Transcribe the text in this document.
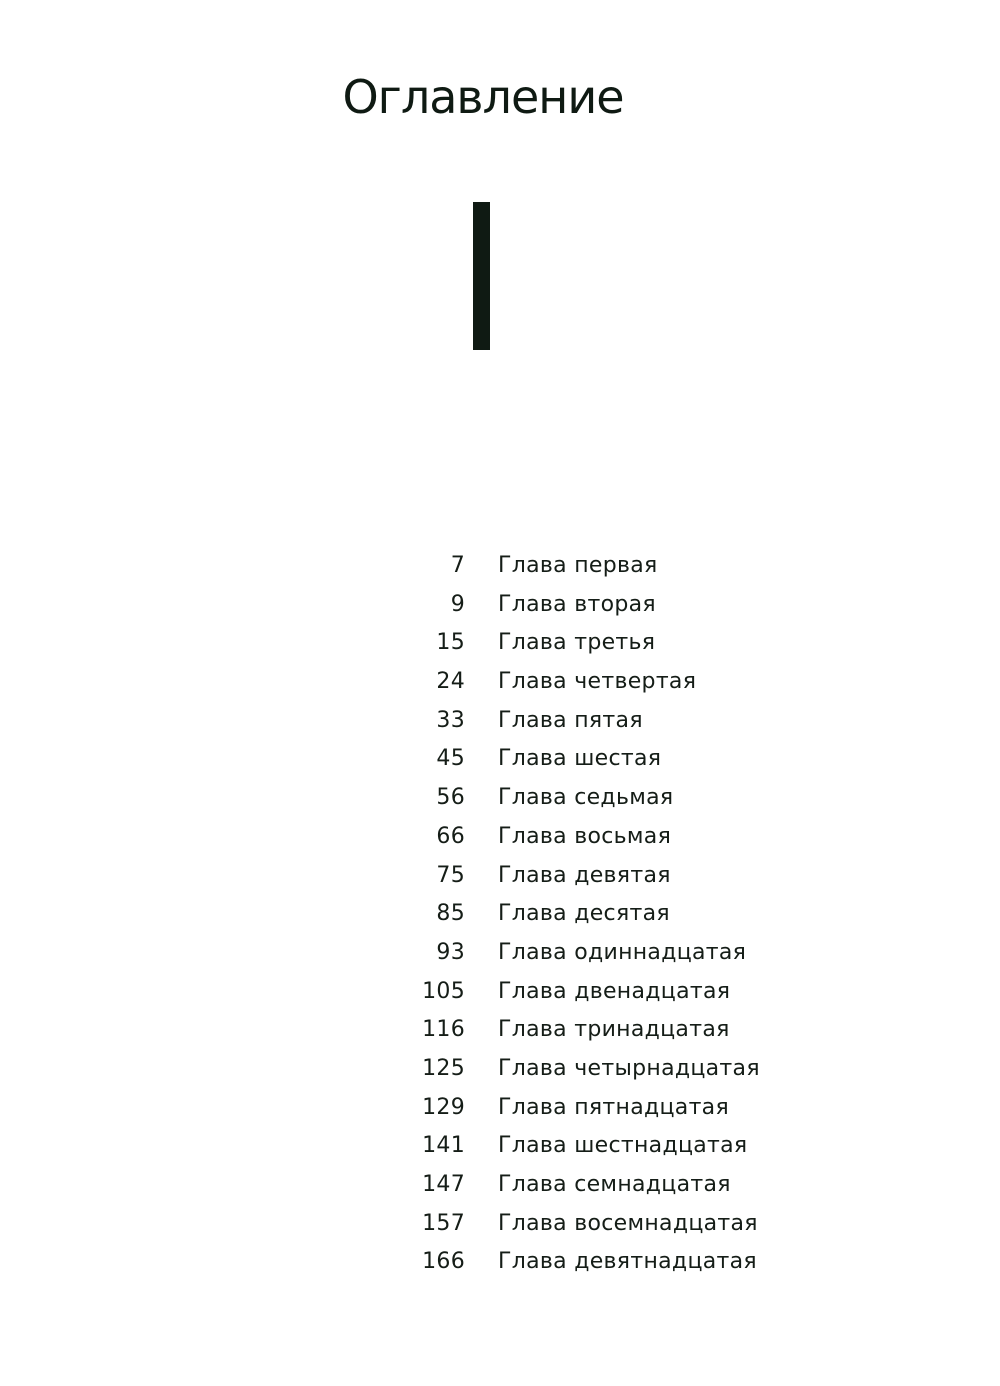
Оглавление
7 Глава первая
9 Глава вторая
15 Глава третья
24 Глава четвертая
33 Глава пятая
45 Глава шестая
56 Глава седьмая
66 Глава восьмая
75 Глава девятая
85 Глава десятая
93 Глава одиннадцатая
105 Глава двенадцатая
116 Глава тринадцатая
125 Глава четырнадцатая
129 Глава пятнадцатая
141 Глава шестнадцатая
147 Глава семнадцатая
157 Глава восемнадцатая
166 Глава девятнадцатая
